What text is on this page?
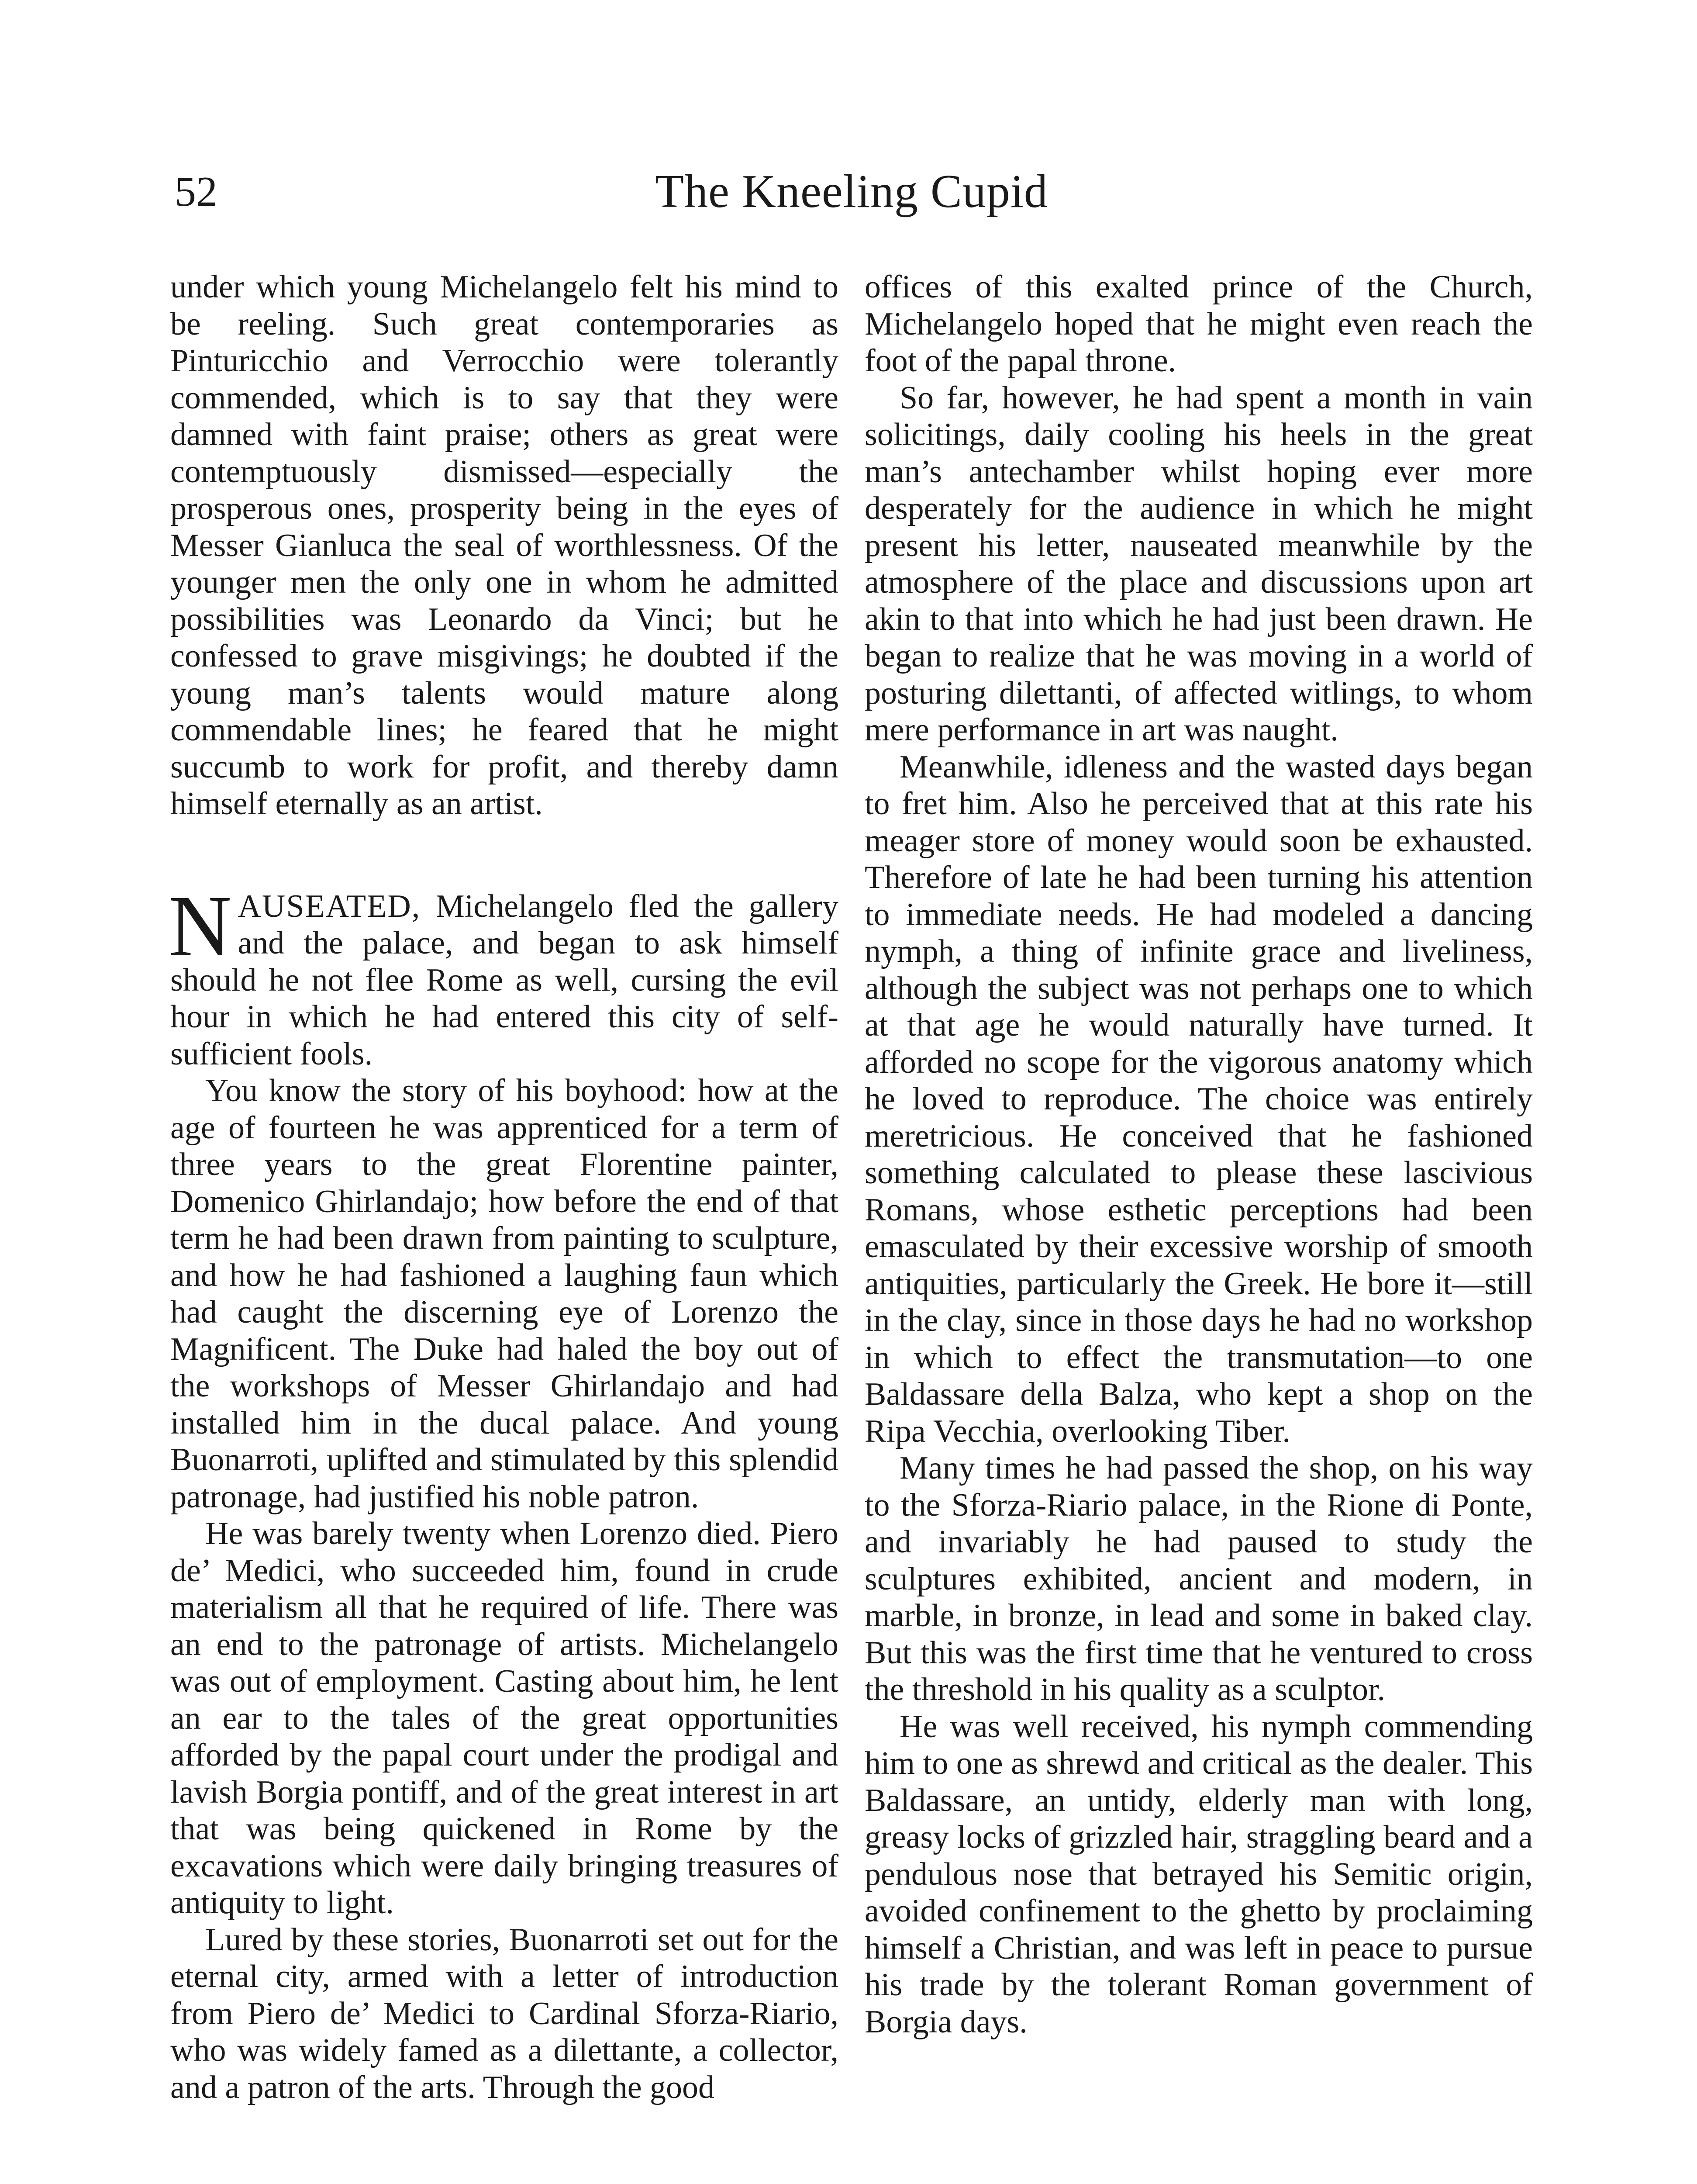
52	The Kneeling Cupid

under which young Michelangelo felt his mind to be reeling. Such great contemporaries as Pinturicchio and Verrocchio were tolerantly commended, which is to say that they were damned with faint praise; others as great were contemptuously dismissed—especially the prosperous ones, prosperity being in the eyes of Messer Gianluca the seal of worthlessness. Of the younger men the only one in whom he admitted possibilities was Leonardo da Vinci; but he confessed to grave misgivings; he doubted if the young man’s talents would mature along commendable lines; he feared that he might succumb to work for profit, and thereby damn himself eternally as an artist.

NAUSEATED, Michelangelo fled the gallery and the palace, and began to ask himself should he not flee Rome as well, cursing the evil hour in which he had entered this city of self-sufficient fools.

You know the story of his boyhood: how at the age of fourteen he was apprenticed for a term of three years to the great Florentine painter, Domenico Ghirlandajo; how before the end of that term he had been drawn from painting to sculpture, and how he had fashioned a laughing faun which had caught the discerning eye of Lorenzo the Magnificent. The Duke had haled the boy out of the workshops of Messer Ghirlandajo and had installed him in the ducal palace. And young Buonarroti, uplifted and stimulated by this splendid patronage, had justified his noble patron.

He was barely twenty when Lorenzo died. Piero de’ Medici, who succeeded him, found in crude materialism all that he required of life. There was an end to the patronage of artists. Michelangelo was out of employment. Casting about him, he lent an ear to the tales of the great opportunities afforded by the papal court under the prodigal and lavish Borgia pontiff, and of the great interest in art that was being quickened in Rome by the excavations which were daily bringing treasures of antiquity to light.

Lured by these stories, Buonarroti set out for the eternal city, armed with a letter of introduction from Piero de’ Medici to Cardinal Sforza-Riario, who was widely famed as a dilettante, a collector, and a patron of the arts. Through the good

offices of this exalted prince of the Church, Michelangelo hoped that he might even reach the foot of the papal throne.

So far, however, he had spent a month in vain solicitings, daily cooling his heels in the great man’s antechamber whilst hoping ever more desperately for the audience in which he might present his letter, nauseated meanwhile by the atmosphere of the place and discussions upon art akin to that into which he had just been drawn. He began to realize that he was moving in a world of posturing dilettanti, of affected witlings, to whom mere performance in art was naught.

Meanwhile, idleness and the wasted days began to fret him. Also he perceived that at this rate his meager store of money would soon be exhausted. Therefore of late he had been turning his attention to immediate needs. He had modeled a dancing nymph, a thing of infinite grace and liveliness, although the subject was not perhaps one to which at that age he would naturally have turned. It afforded no scope for the vigorous anatomy which he loved to reproduce. The choice was entirely meretricious. He conceived that he fashioned something calculated to please these lascivious Romans, whose esthetic perceptions had been emasculated by their excessive worship of smooth antiquities, particularly the Greek. He bore it—still in the clay, since in those days he had no workshop in which to effect the transmutation—to one Baldassare della Balza, who kept a shop on the Ripa Vecchia, overlooking Tiber.

Many times he had passed the shop, on his way to the Sforza-Riario palace, in the Rione di Ponte, and invariably he had paused to study the sculptures exhibited, ancient and modern, in marble, in bronze, in lead and some in baked clay. But this was the first time that he ventured to cross the threshold in his quality as a sculptor.

He was well received, his nymph commending him to one as shrewd and critical as the dealer. This Baldassare, an untidy, elderly man with long, greasy locks of grizzled hair, straggling beard and a pendulous nose that betrayed his Semitic origin, avoided confinement to the ghetto by proclaiming himself a Christian, and was left in peace to pursue his trade by the tolerant Roman government of Borgia days.
